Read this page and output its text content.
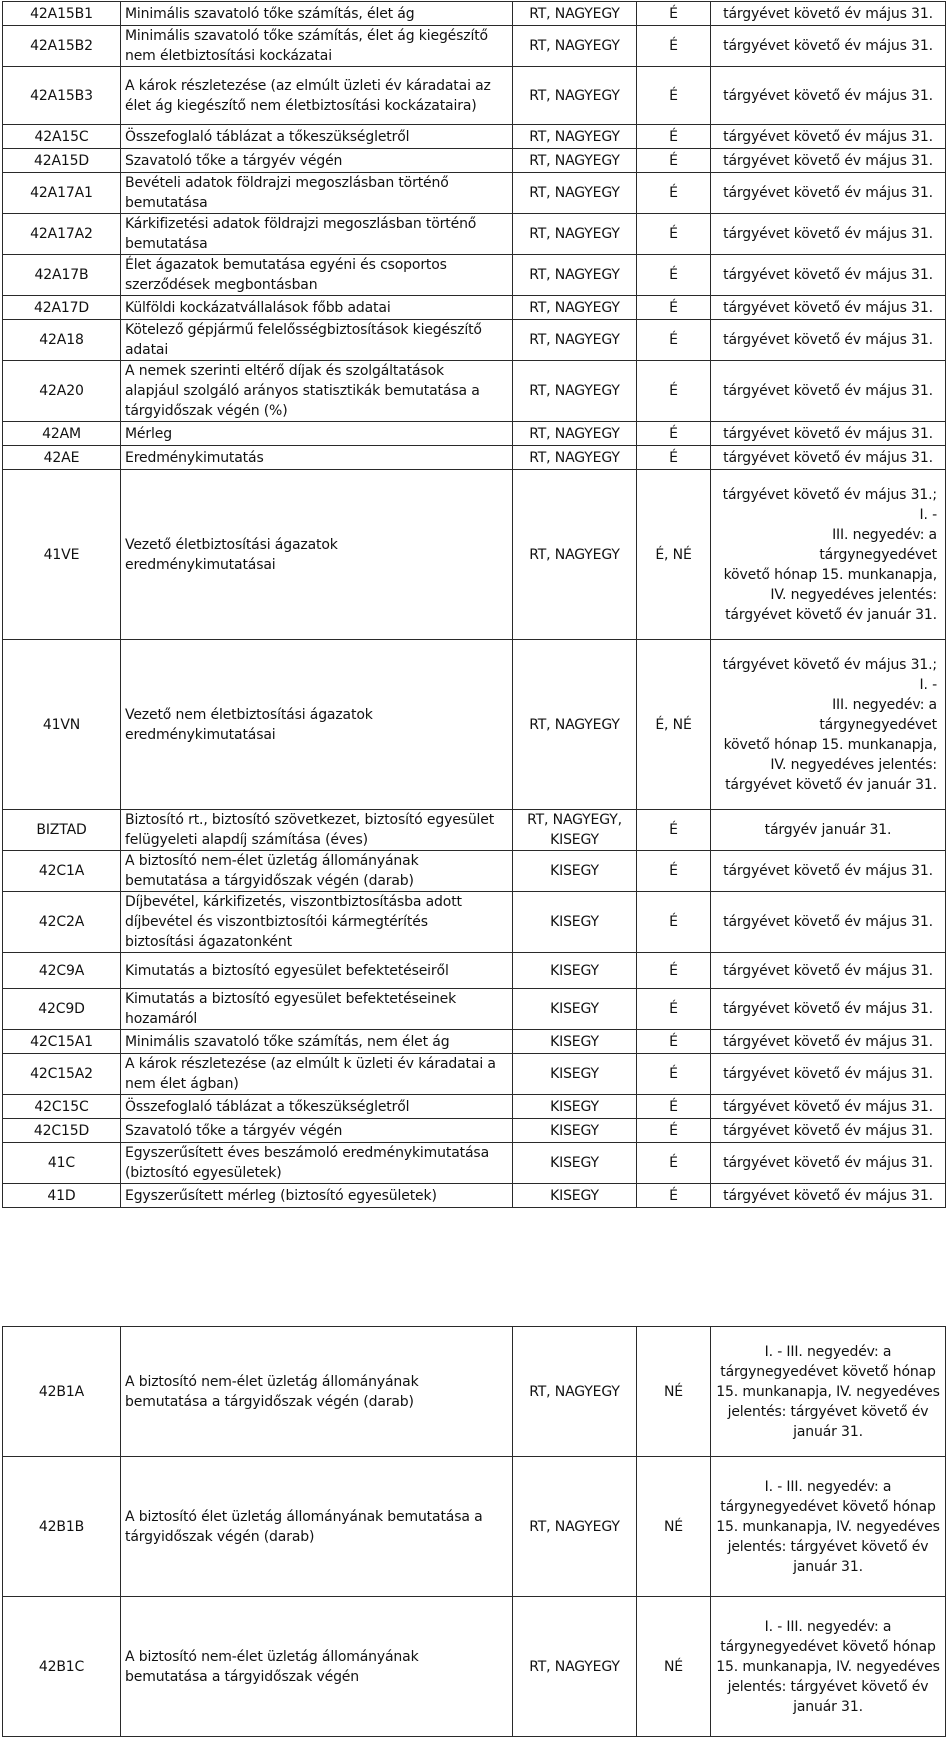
42A15B1	Minimális szavatoló tőke számítás, élet ág	RT, NAGYEGY	É	tárgyévet követő év május 31.
42A15B2	Minimális szavatoló tőke számítás, élet ág kiegészítő
nem életbiztosítási kockázatai	RT, NAGYEGY	É	tárgyévet követő év május 31.
42A15B3	A károk részletezése (az elmúlt üzleti év káradatai az
élet ág kiegészítő nem életbiztosítási kockázataira)	RT, NAGYEGY	É	tárgyévet követő év május 31.
42A15C	Összefoglaló táblázat a tőkeszükségletről	RT, NAGYEGY	É	tárgyévet követő év május 31.
42A15D	Szavatoló tőke a tárgyév végén	RT, NAGYEGY	É	tárgyévet követő év május 31.
42A17A1	Bevételi adatok földrajzi megoszlásban történő
bemutatása	RT, NAGYEGY	É	tárgyévet követő év május 31.
42A17A2	Kárkifizetési adatok földrajzi megoszlásban történő
bemutatása	RT, NAGYEGY	É	tárgyévet követő év május 31.
42A17B	Élet ágazatok bemutatása egyéni és csoportos
szerződések megbontásban	RT, NAGYEGY	É	tárgyévet követő év május 31.
42A17D	Külföldi kockázatvállalások főbb adatai	RT, NAGYEGY	É	tárgyévet követő év május 31.
42A18	Kötelező gépjármű felelősségbiztosítások kiegészítő
adatai	RT, NAGYEGY	É	tárgyévet követő év május 31.
42A20	A nemek szerinti eltérő díjak és szolgáltatások
alapjául szolgáló arányos statisztikák bemutatása a
tárgyidőszak végén (%)	RT, NAGYEGY	É	tárgyévet követő év május 31.
42AM	Mérleg	RT, NAGYEGY	É	tárgyévet követő év május 31.
42AE	Eredménykimutatás	RT, NAGYEGY	É	tárgyévet követő év május 31.
41VE	Vezető életbiztosítási ágazatok
eredménykimutatásai	RT, NAGYEGY	É, NÉ	tárgyévet követő év május 31.; I. -
III. negyedév: a tárgynegyedévet
követő hónap 15. munkanapja,
IV. negyedéves jelentés:
tárgyévet követő év január 31.
41VN	Vezető nem életbiztosítási ágazatok
eredménykimutatásai	RT, NAGYEGY	É, NÉ	tárgyévet követő év május 31.; I. -
III. negyedév: a tárgynegyedévet
követő hónap 15. munkanapja,
IV. negyedéves jelentés:
tárgyévet követő év január 31.
BIZTAD	Biztosító rt., biztosító szövetkezet, biztosító egyesület
felügyeleti alapdíj számítása (éves)	RT, NAGYEGY,
KISEGY	É	tárgyév január 31.
42C1A	A biztosító nem-élet üzletág állományának
bemutatása a tárgyidőszak végén (darab)	KISEGY	É	tárgyévet követő év május 31.
42C2A	Díjbevétel, kárkifizetés, viszontbiztosításba adott
díjbevétel és viszontbiztosítói kármegtérítés
biztosítási ágazatonként	KISEGY	É	tárgyévet követő év május 31.
42C9A	Kimutatás a biztosító egyesület befektetéseiről	KISEGY	É	tárgyévet követő év május 31.
42C9D	Kimutatás a biztosító egyesület befektetéseinek
hozamáról	KISEGY	É	tárgyévet követő év május 31.
42C15A1	Minimális szavatoló tőke számítás, nem élet ág	KISEGY	É	tárgyévet követő év május 31.
42C15A2	A károk részletezése (az elmúlt k üzleti év káradatai a
nem élet ágban)	KISEGY	É	tárgyévet követő év május 31.
42C15C	Összefoglaló táblázat a tőkeszükségletről	KISEGY	É	tárgyévet követő év május 31.
42C15D	Szavatoló tőke a tárgyév végén	KISEGY	É	tárgyévet követő év május 31.
41C	Egyszerűsített éves beszámoló eredménykimutatása
(biztosító egyesületek)	KISEGY	É	tárgyévet követő év május 31.
41D	Egyszerűsített mérleg (biztosító egyesületek)	KISEGY	É	tárgyévet követő év május 31.
42B1A	A biztosító nem-élet üzletág állományának
bemutatása a tárgyidőszak végén (darab)	RT, NAGYEGY	NÉ	I. - III. negyedév: a
tárgynegyedévet követő hónap
15. munkanapja, IV. negyedéves
jelentés: tárgyévet követő év
január 31.
42B1B	A biztosító élet üzletág állományának bemutatása a
tárgyidőszak végén (darab)	RT, NAGYEGY	NÉ	I. - III. negyedév: a
tárgynegyedévet követő hónap
15. munkanapja, IV. negyedéves
jelentés: tárgyévet követő év
január 31.
42B1C	A biztosító nem-élet üzletág állományának
bemutatása a tárgyidőszak végén	RT, NAGYEGY	NÉ	I. - III. negyedév: a
tárgynegyedévet követő hónap
15. munkanapja, IV. negyedéves
jelentés: tárgyévet követő év
január 31.
